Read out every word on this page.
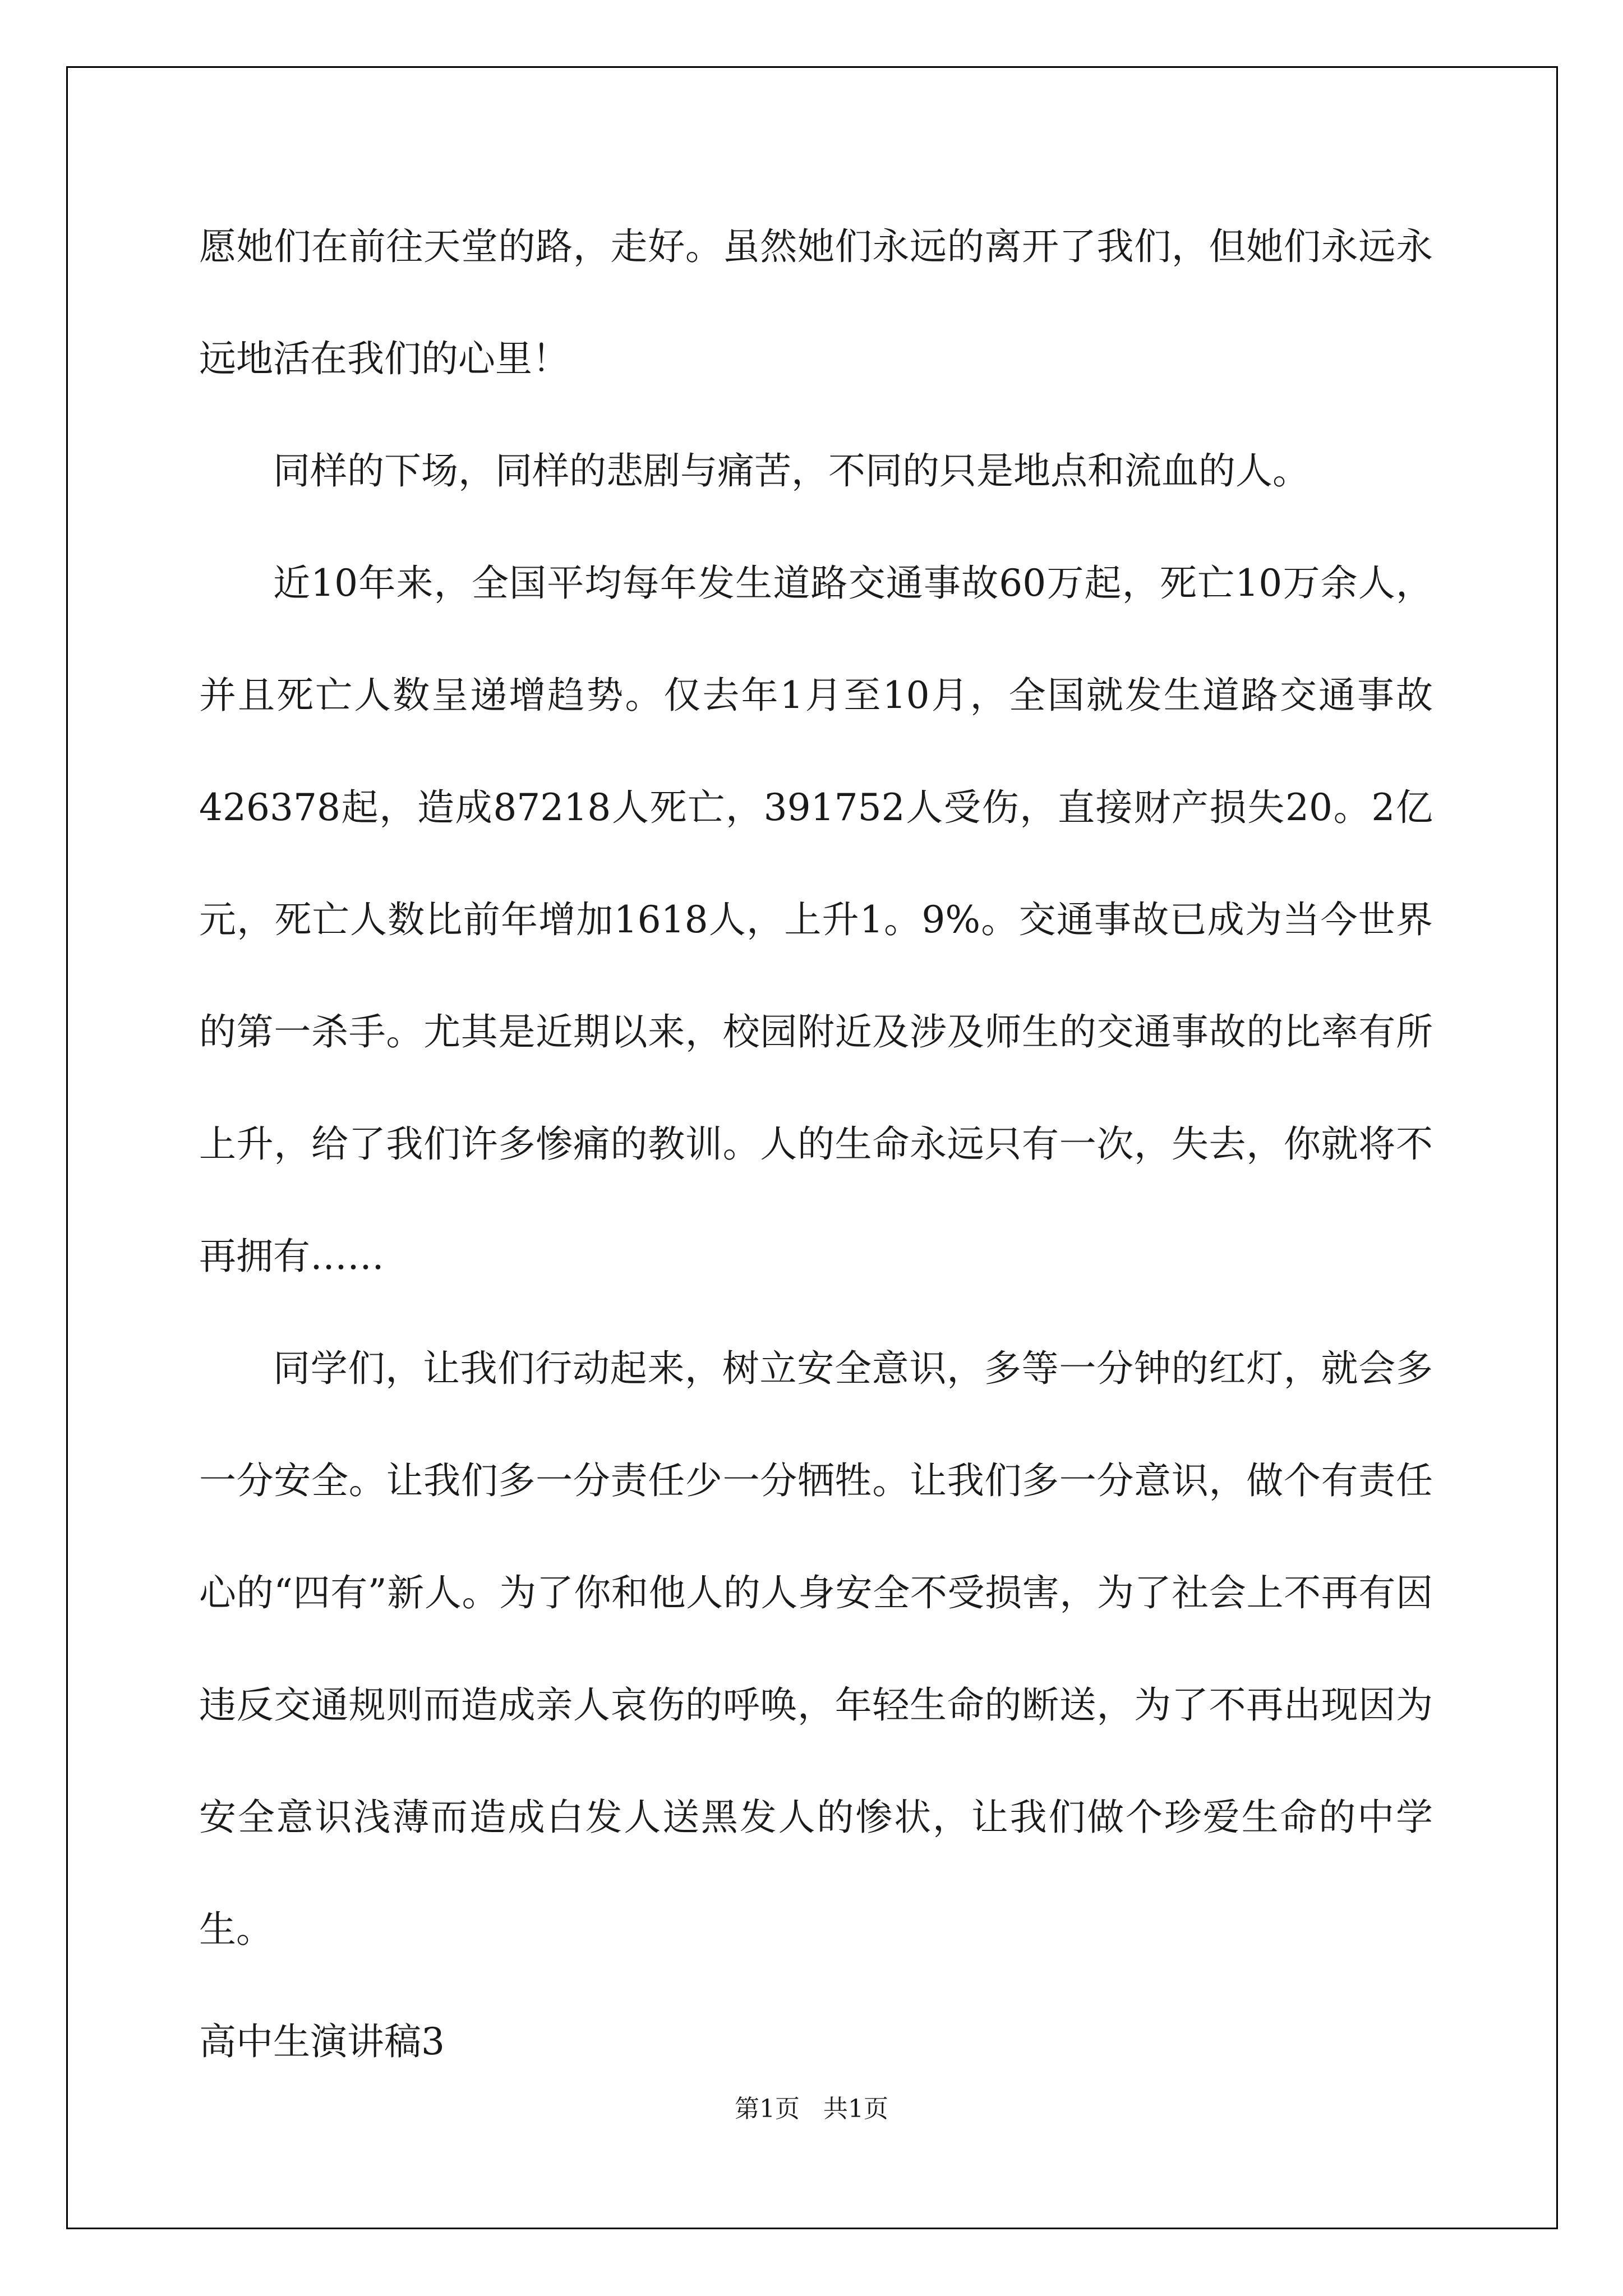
愿她们在前往天堂的路，走好。虽然她们永远的离开了我们，但她们永远永远地活在我们的心里！

同样的下场，同样的悲剧与痛苦，不同的只是地点和流血的人。

近10年来，全国平均每年发生道路交通事故60万起，死亡10万余人，并且死亡人数呈递增趋势。仅去年1月至10月，全国就发生道路交通事故426378起，造成87218人死亡，391752人受伤，直接财产损失20。2亿元，死亡人数比前年增加1618人，上升1。9%。交通事故已成为当今世界的第一杀手。尤其是近期以来，校园附近及涉及师生的交通事故的比率有所上升，给了我们许多惨痛的教训。人的生命永远只有一次，失去，你就将不再拥有……

同学们，让我们行动起来，树立安全意识，多等一分钟的红灯，就会多一分安全。让我们多一分责任少一分牺牲。让我们多一分意识，做个有责任心的“四有”新人。为了你和他人的人身安全不受损害，为了社会上不再有因违反交通规则而造成亲人哀伤的呼唤，年轻生命的断送，为了不再出现因为安全意识浅薄而造成白发人送黑发人的惨状，让我们做个珍爱生命的中学生。

高中生演讲稿3

第1页 共1页
